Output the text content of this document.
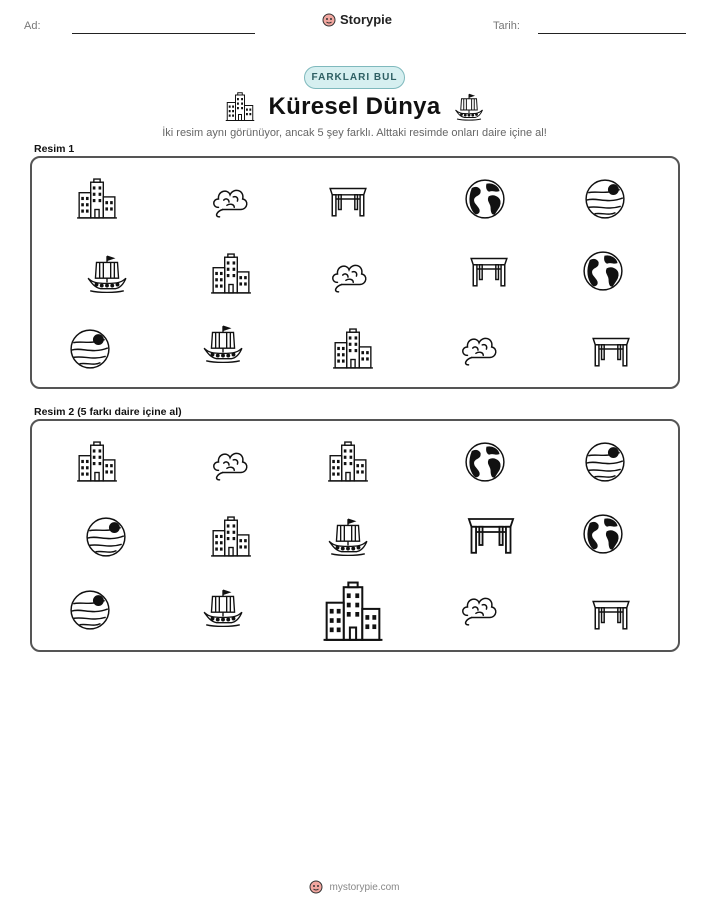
Ad:	Storypie	Tarih:
FARKLARI BUL
Küresel Dünya
İki resim aynı görünüyor, ancak 5 şey farklı. Alttaki resimde onları daire içine al!
Resim 1
Resim 2 (5 farkı daire içine al)
mystorypie.com
